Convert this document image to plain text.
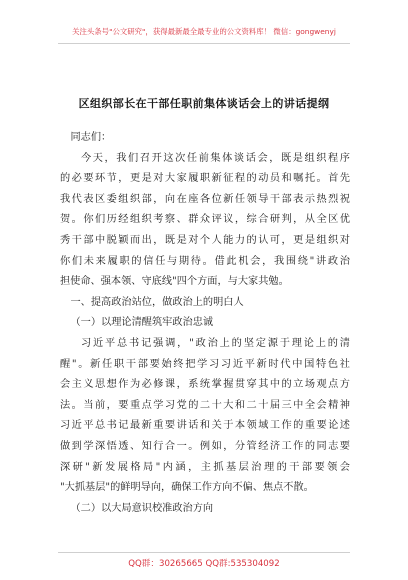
关注头条号"公文研究"，获得最新最全最专业的公文资料库！ 微信：gongwenyj
区组织部长在干部任职前集体谈话会上的讲话提纲
同志们：
今天，我们召开这次任前集体谈话会，既是组织程序
的必要环节，更是对大家履职新征程的动员和嘱托。首先
我代表区委组织部，向在座各位新任领导干部表示热烈祝
贺。你们历经组织考察、群众评议，综合研判，从全区优
秀干部中脱颖而出，既是对个人能力的认可，更是组织对
你们未来履职的信任与期待。借此机会，我围绕"讲政治
担使命、强本领、守底线"四个方面，与大家共勉。
一、提高政治站位，做政治上的明白人
（一）以理论清醒筑牢政治忠诚
习近平总书记强调，"政治上的坚定源于理论上的清
醒"。新任职干部要始终把学习习近平新时代中国特色社
会主义思想作为必修课，系统掌握贯穿其中的立场观点方
法。当前，要重点学习党的二十大和二十届三中全会精神
习近平总书记最新重要讲话和关于本领域工作的重要论述
做到学深悟透、知行合一。例如，分管经济工作的同志要
深研"新发展格局"内涵，主抓基层治理的干部要领会
"大抓基层"的鲜明导向，确保工作方向不偏、焦点不散。
（二）以大局意识校准政治方向
QQ群：30265665 QQ群:535304092
